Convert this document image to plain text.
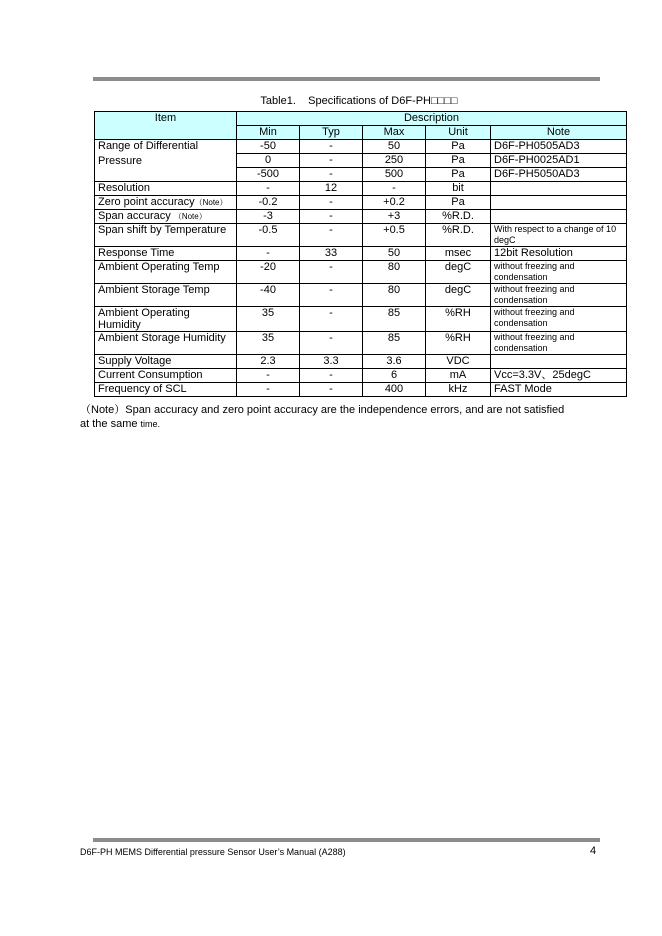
Table1. Specifications of D6F-PH□□□□
Item	Description				
	Min	Typ	Max	Unit	Note

Range of Differential
Pressure	-50	-	50	Pa	D6F-PH0505AD3
	0	-	250	Pa	D6F-PH0025AD1
	-500	-	500	Pa	D6F-PH5050AD3
Resolution	-	12	-	bit	
Zero point accuracy（Note）	-0.2	-	+0.2	Pa	
Span accuracy （Note）	-3	-	+3	%R.D.	
Span shift by Temperature	-0.5	-	+0.5	%R.D.	With respect to a change of 10 degC
Response Time	-	33	50	msec	12bit Resolution
Ambient Operating Temp	-20	-	80	degC	without freezing and condensation
Ambient Storage Temp	-40	-	80	degC	without freezing and condensation
Ambient Operating Humidity	35	-	85	%RH	without freezing and condensation
Ambient Storage Humidity	35	-	85	%RH	without freezing and condensation
Supply Voltage	2.3	3.3	3.6	VDC	
Current Consumption	-	-	6	mA	Vcc=3.3V、25degC
Frequency of SCL	-	-	400	kHz	FAST Mode
（Note）Span accuracy and zero point accuracy are the independence errors, and are not satisfied
at the same time.
D6F-PH MEMS Differential pressure Sensor User’s Manual (A288)	4
